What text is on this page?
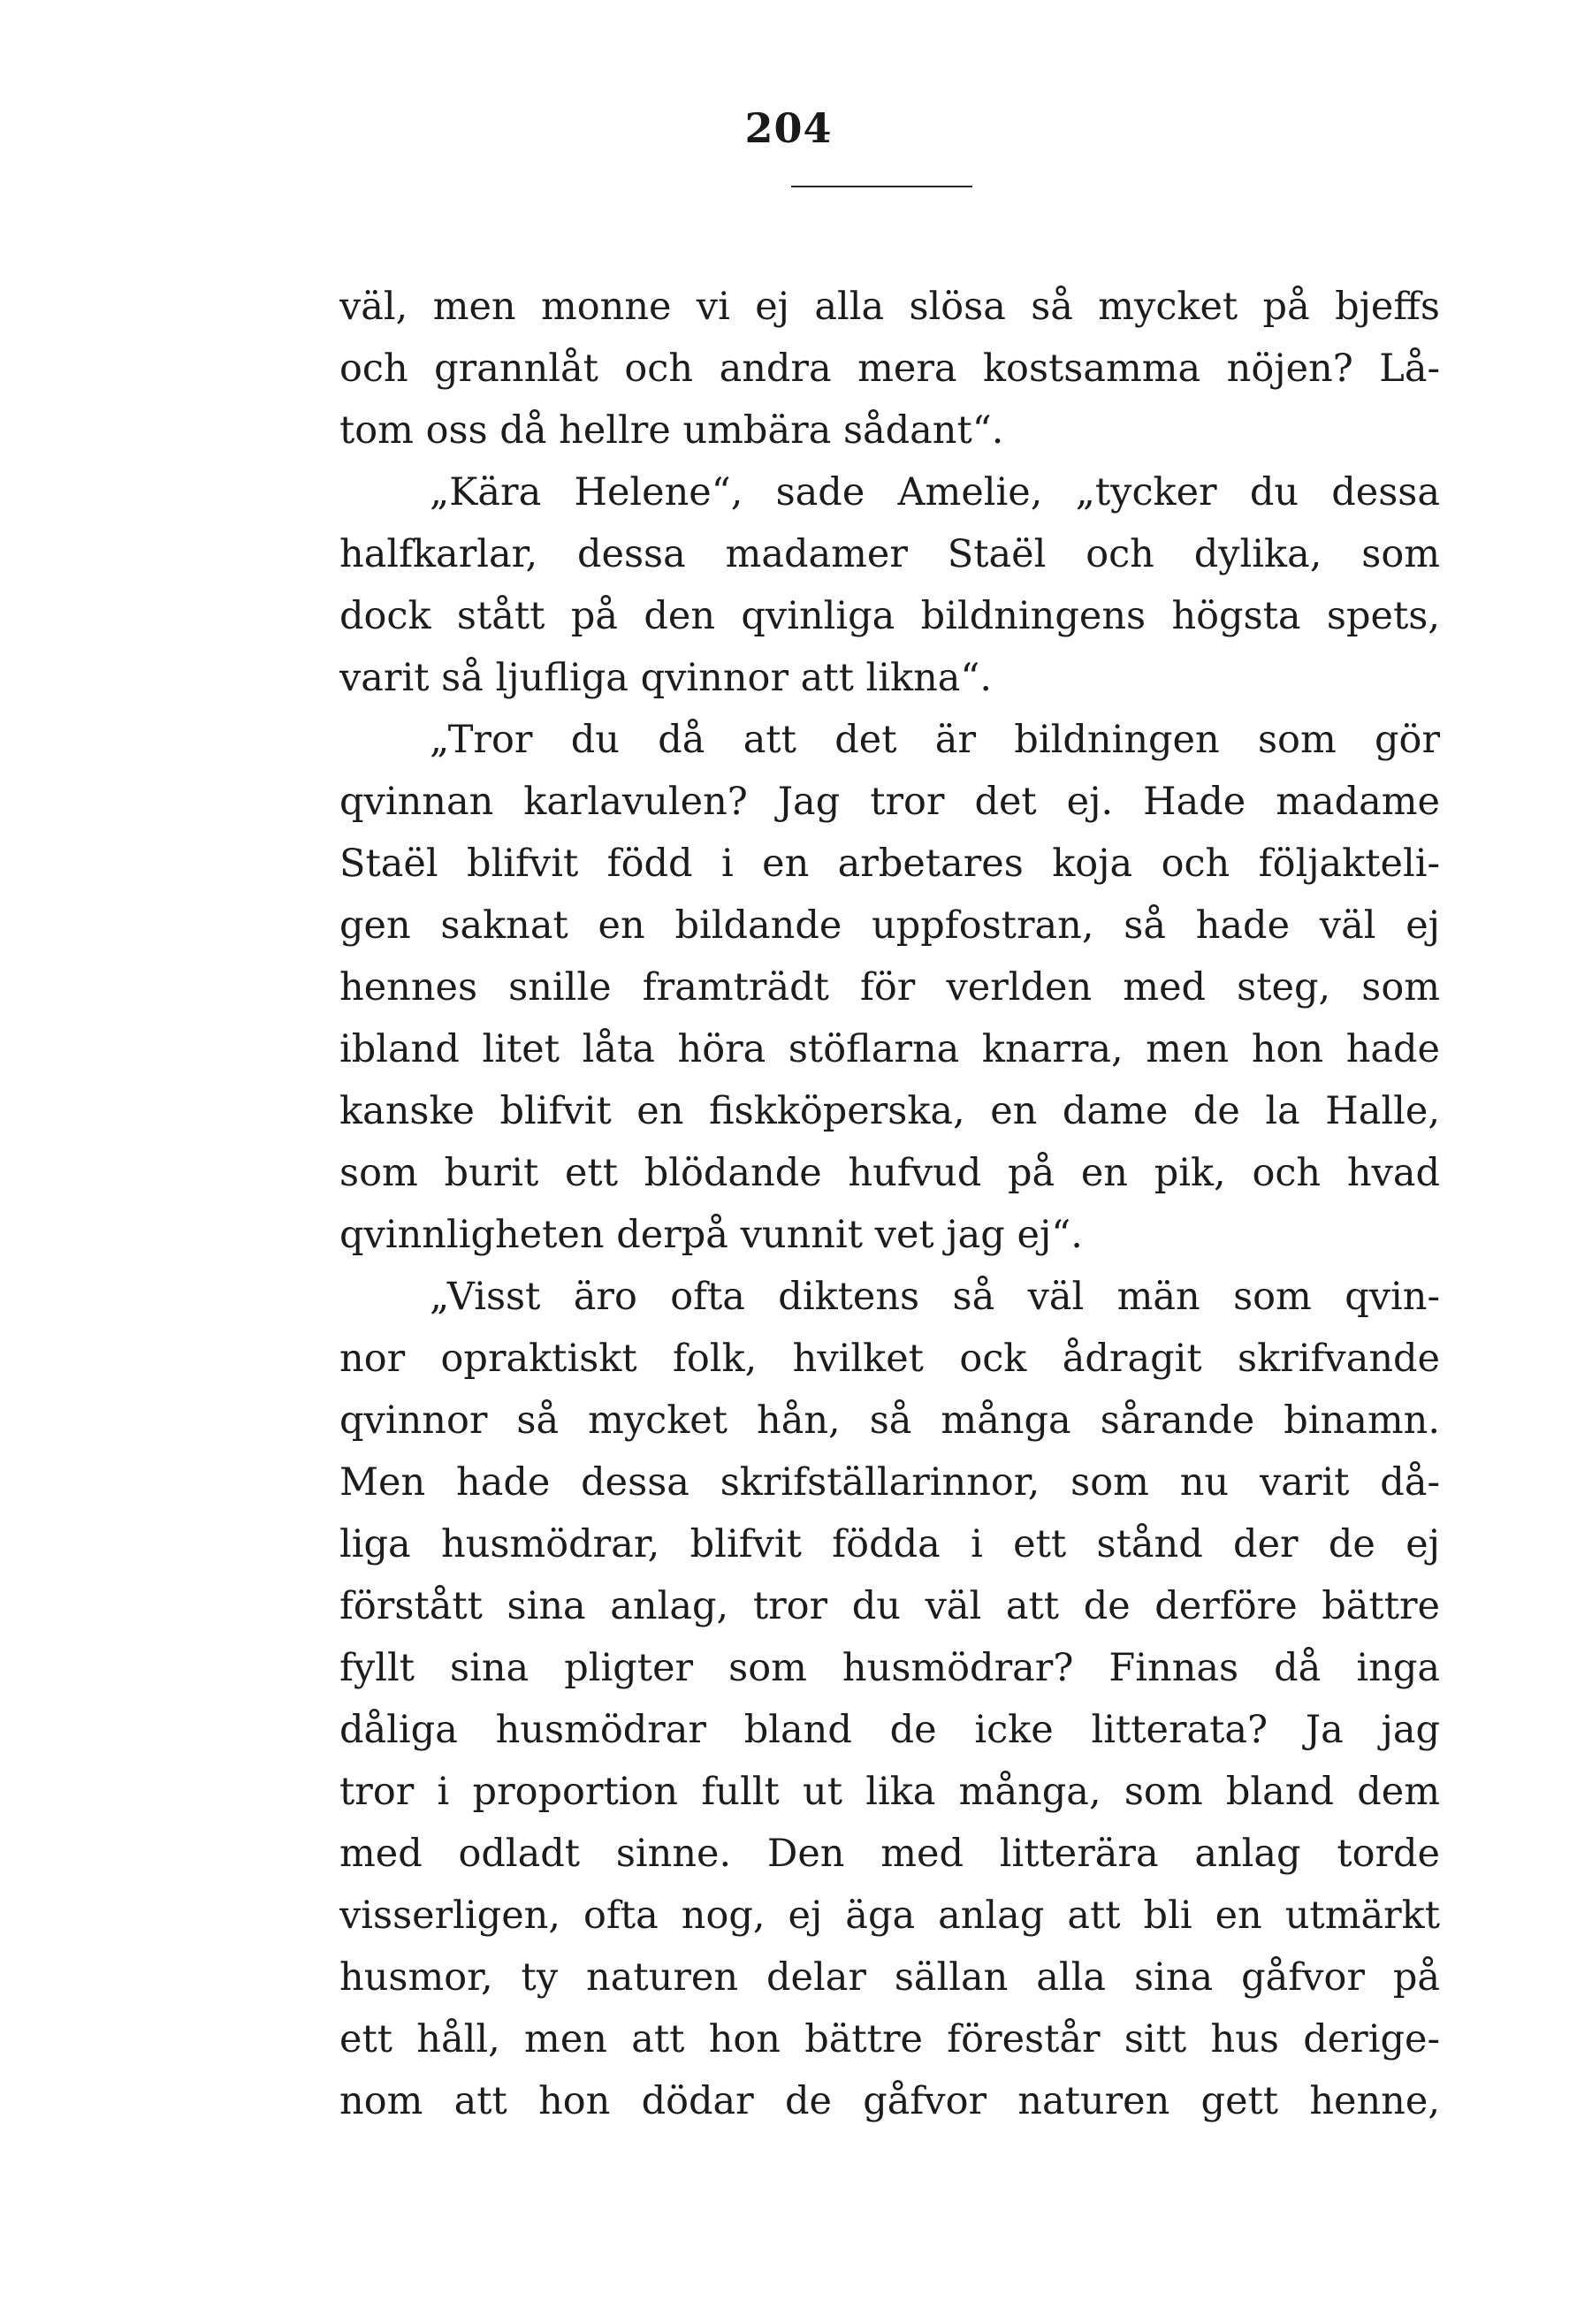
204
väl, men monne vi ej alla slösa så mycket på bjeffs
och grannlåt och andra mera kostsamma nöjen? Lå-
tom oss då hellre umbära sådant“.
„Kära Helene“, sade Amelie, „tycker du dessa
halfkarlar, dessa madamer Staël och dylika, som
dock stått på den qvinliga bildningens högsta spets,
varit så ljufliga qvinnor att likna“.
„Tror du då att det är bildningen som gör
qvinnan karlavulen? Jag tror det ej. Hade madame
Staël blifvit född i en arbetares koja och följakteli-
gen saknat en bildande uppfostran, så hade väl ej
hennes snille framträdt för verlden med steg, som
ibland litet låta höra stöflarna knarra, men hon hade
kanske blifvit en fiskköperska, en dame de la Halle,
som burit ett blödande hufvud på en pik, och hvad
qvinnligheten derpå vunnit vet jag ej“.
„Visst äro ofta diktens så väl män som qvin-
nor opraktiskt folk, hvilket ock ådragit skrifvande
qvinnor så mycket hån, så många sårande binamn.
Men hade dessa skrifställarinnor, som nu varit då-
liga husmödrar, blifvit födda i ett stånd der de ej
förstått sina anlag, tror du väl att de derföre bättre
fyllt sina pligter som husmödrar? Finnas då inga
dåliga husmödrar bland de icke litterata? Ja jag
tror i proportion fullt ut lika många, som bland dem
med odladt sinne. Den med litterära anlag torde
visserligen, ofta nog, ej äga anlag att bli en utmärkt
husmor, ty naturen delar sällan alla sina gåfvor på
ett håll, men att hon bättre förestår sitt hus derige-
nom att hon dödar de gåfvor naturen gett henne,
